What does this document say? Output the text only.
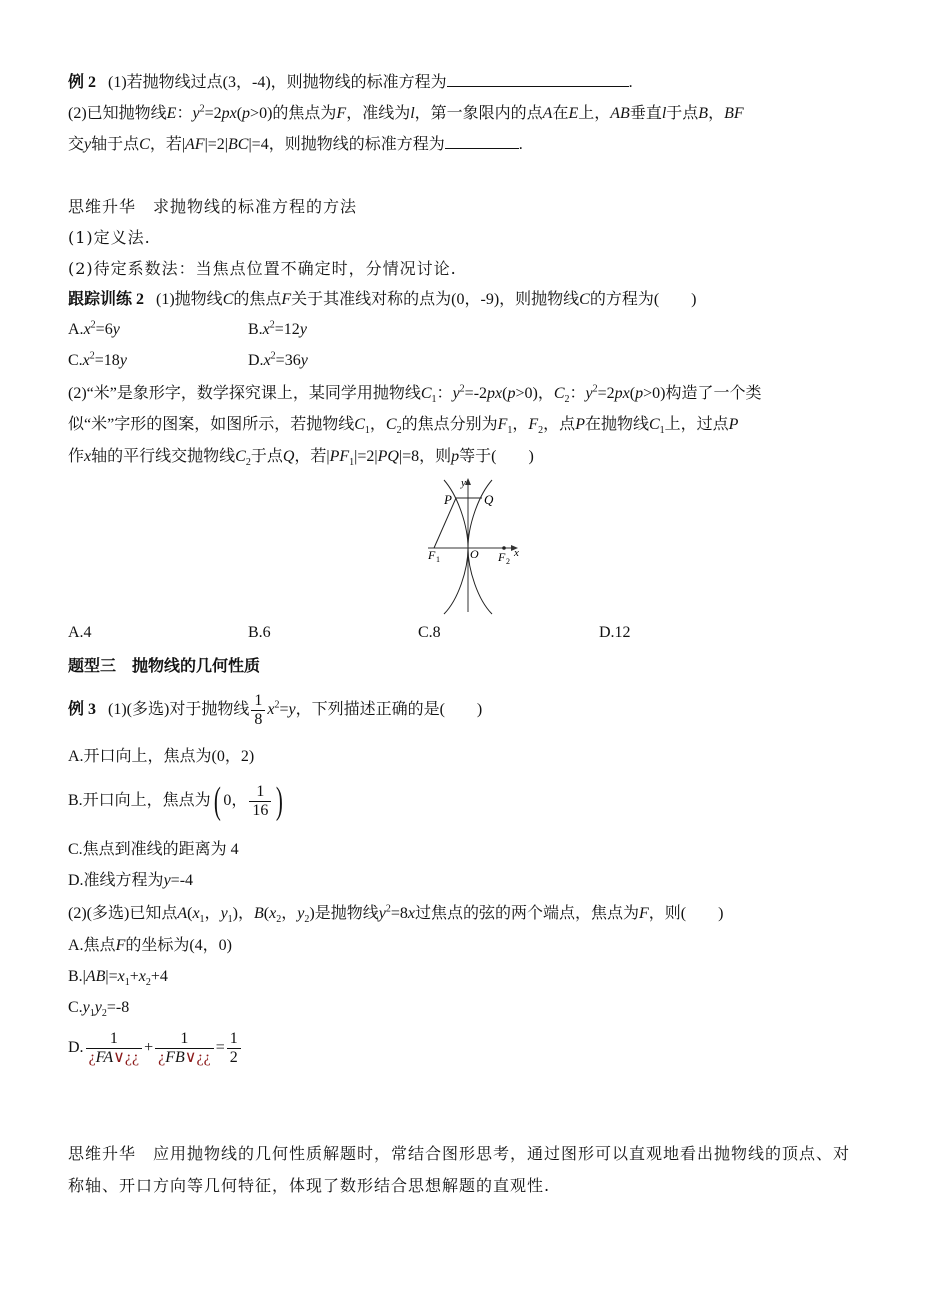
例 2 (1)若抛物线过点(3，-4)，则抛物线的标准方程为	.
(2)已知抛物线E：$y^2=2px(p>0)$的焦点为F，准线为l，第一象限内的点A在E上，AB垂直l于点B，BF
交y轴于点C，若|AF|=2|BC|=4，则抛物线的标准方程为	.
思维升华　求抛物线的标准方程的方法
(1)定义法.
(2)待定系数法：当焦点位置不确定时，分情况讨论.
跟踪训练 2 (1)抛物线C的焦点F关于其准线对称的点为(0，-9)，则抛物线C的方程为(　　)
$A.x^2=6y$	$B.x^2=12y$
$C.x^2=18y$	$D.x^2=36y$
(2)“米”是象形字，数学探究课上，某同学用抛物线$C_1$：$y^2=-2px(p>0)$，$C_2$：$y^2=2px(p>0)$构造了一个类
似“米”字形的图案，如图所示，若抛物线$C_1$，$C_2$的焦点分别为$F_1$，$F_2$，点P在抛物线$C_1$上，过点P
作x轴的平行线交抛物线$C_2$于点Q，若$|PF_1|=2|PQ|=8$，则p等于(　　)
y
x
P Q
O
F 1	F 2
A.4	B.6	C.8	D.12
题型三　抛物线的几何性质
例 3 (1)(多选)对于抛物线 $\frac{1}{8} x^2=y$，下列描述正确的是(　　)
A.开口向上，焦点为(0，2)
B.开口向上，焦点为( 0， $\frac{1}{16}$ )
C.焦点到准线的距离为 4
D.准线方程为y=-4
(2)(多选)已知点$A(x_1$，$y_1$)，$B(x_2$，$y_2$)是抛物线$y^2=8x$过焦点的弦的两个端点，焦点为F，则(　　)
A.焦点F的坐标为(4，0)
$B.|AB|=x_1+x_2+4$
$C.y_1y_2=-8$
D. $\frac{1}{¿FA\vee¿¿} + \frac{1}{¿FB\vee¿¿} = \frac{1}{2}$
思维升华　应用抛物线的几何性质解题时，常结合图形思考，通过图形可以直观地看出抛物线的顶点、对
称轴、开口方向等几何特征，体现了数形结合思想解题的直观性.
